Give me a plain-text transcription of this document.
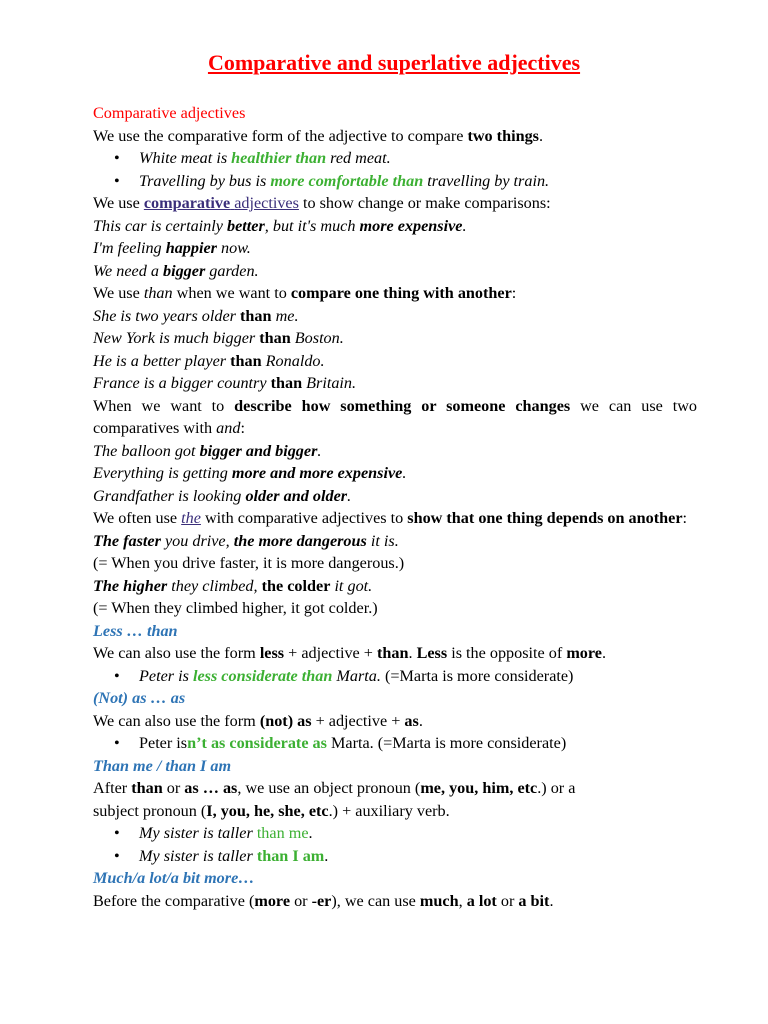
Comparative and superlative adjectives
Comparative adjectives
We use the comparative form of the adjective to compare two things.
• White meat is healthier than red meat.
• Travelling by bus is more comfortable than travelling by train.
We use comparative adjectives to show change or make comparisons:
This car is certainly better, but it's much more expensive.
I'm feeling happier now.
We need a bigger garden.
We use than when we want to compare one thing with another:
She is two years older than me.
New York is much bigger than Boston.
He is a better player than Ronaldo.
France is a bigger country than Britain.
When we want to describe how something or someone changes we can use two comparatives with and:
The balloon got bigger and bigger.
Everything is getting more and more expensive.
Grandfather is looking older and older.
We often use the with comparative adjectives to show that one thing depends on another:
The faster you drive, the more dangerous it is.
(= When you drive faster, it is more dangerous.)
The higher they climbed, the colder it got.
(= When they climbed higher, it got colder.)
Less … than
We can also use the form less + adjective + than. Less is the opposite of more.
• Peter is less considerate than Marta. (=Marta is more considerate)
(Not) as … as
We can also use the form (not) as + adjective + as.
• Peter isn’t as considerate as Marta. (=Marta is more considerate)
Than me / than I am
After than or as … as, we use an object pronoun (me, you, him, etc.) or a
subject pronoun (I, you, he, she, etc.) + auxiliary verb.
• My sister is taller than me.
• My sister is taller than I am.
Much/a lot/a bit more…
Before the comparative (more or -er), we can use much, a lot or a bit.
